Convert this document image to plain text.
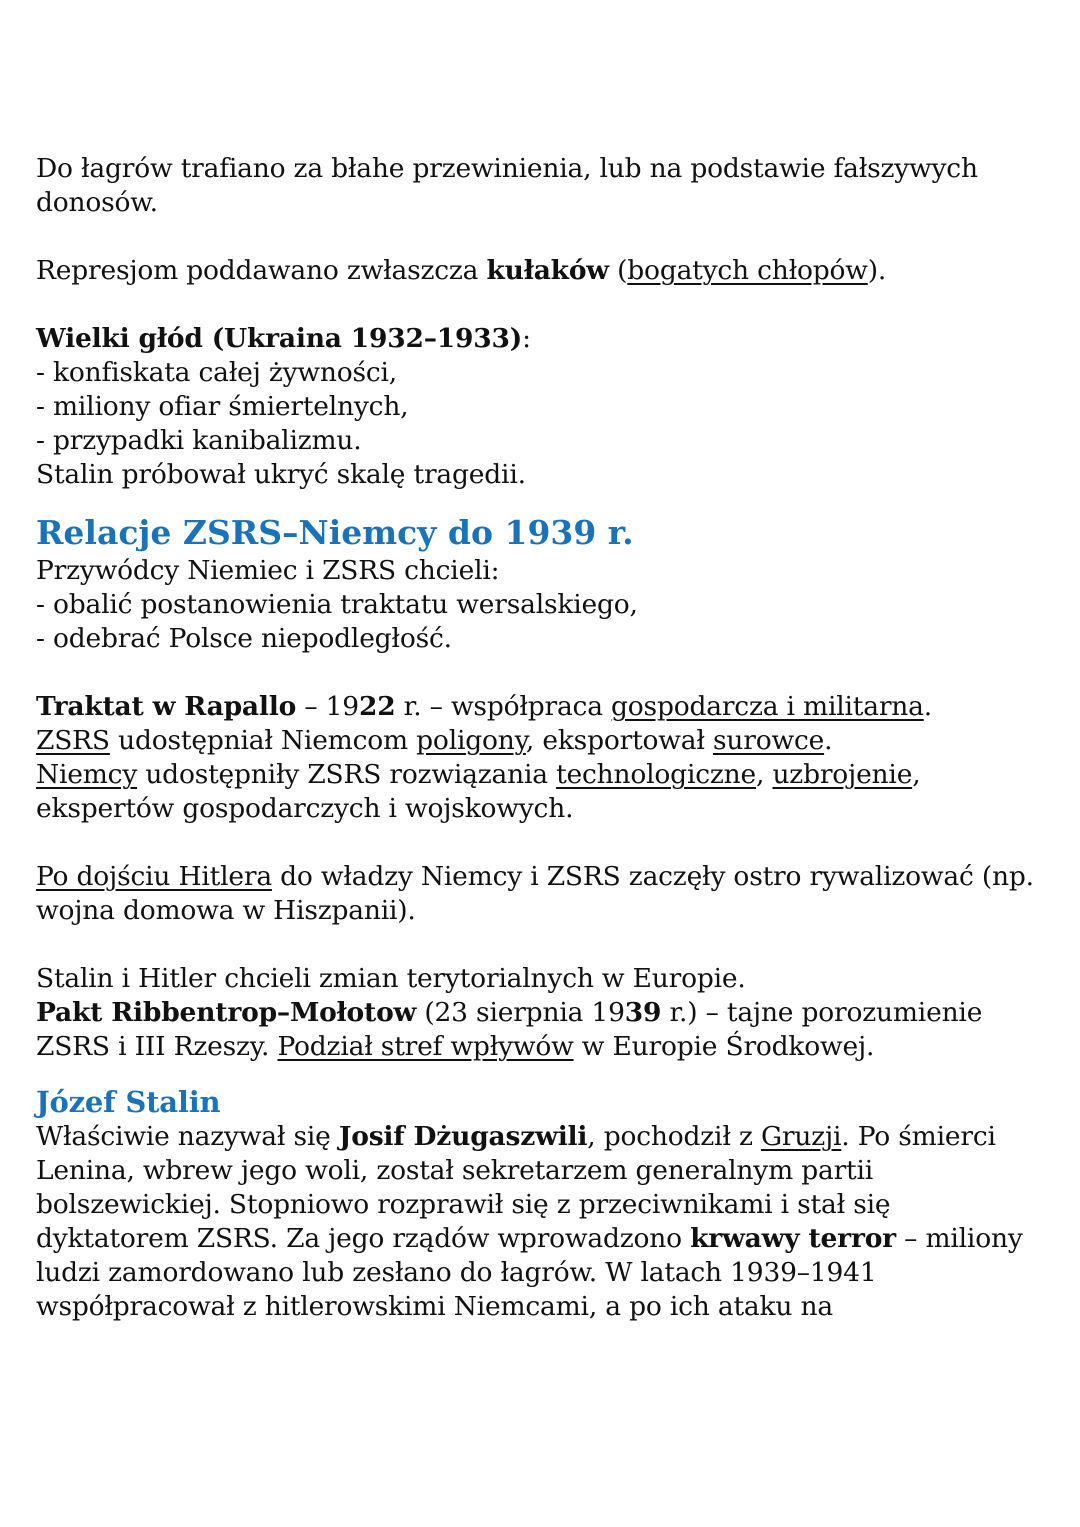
Do łagrów trafiano za błahe przewinienia, lub na podstawie fałszywych donosów.

Represjom poddawano zwłaszcza kułaków (bogatych chłopów).

Wielki głód (Ukraina 1932–1933):

- konfiskata całej żywności,

- miliony ofiar śmiertelnych,

- przypadki kanibalizmu.

Stalin próbował ukryć skalę tragedii.

Relacje ZSRS–Niemcy do 1939 r.

Przywódcy Niemiec i ZSRS chcieli:

- obalić postanowienia traktatu wersalskiego,

- odebrać Polsce niepodległość.

Traktat w Rapallo – 1922 r. – współpraca gospodarcza i militarna.

ZSRS udostępniał Niemcom poligony, eksportował surowce.

Niemcy udostępniły ZSRS rozwiązania technologiczne, uzbrojenie,
ekspertów gospodarczych i wojskowych.

Po dojściu Hitlera do władzy Niemcy i ZSRS zaczęły ostro rywalizować (np. wojna domowa w Hiszpanii).

Stalin i Hitler chcieli zmian terytorialnych w Europie.

Pakt Ribbentrop–Mołotow (23 sierpnia 1939 r.) – tajne porozumienie ZSRS i III Rzeszy. Podział stref wpływów w Europie Środkowej.

Józef Stalin

Właściwie nazywał się Josif Dżugaszwili, pochodził z Gruzji. Po śmierci Lenina, wbrew jego woli, został sekretarzem generalnym partii bolszewickiej. Stopniowo rozprawił się z przeciwnikami i stał się dyktatorem ZSRS. Za jego rządów wprowadzono krwawy terror – miliony ludzi zamordowano lub zesłano do łagrów. W latach 1939–1941 współpracował z hitlerowskimi Niemcami, a po ich ataku na
